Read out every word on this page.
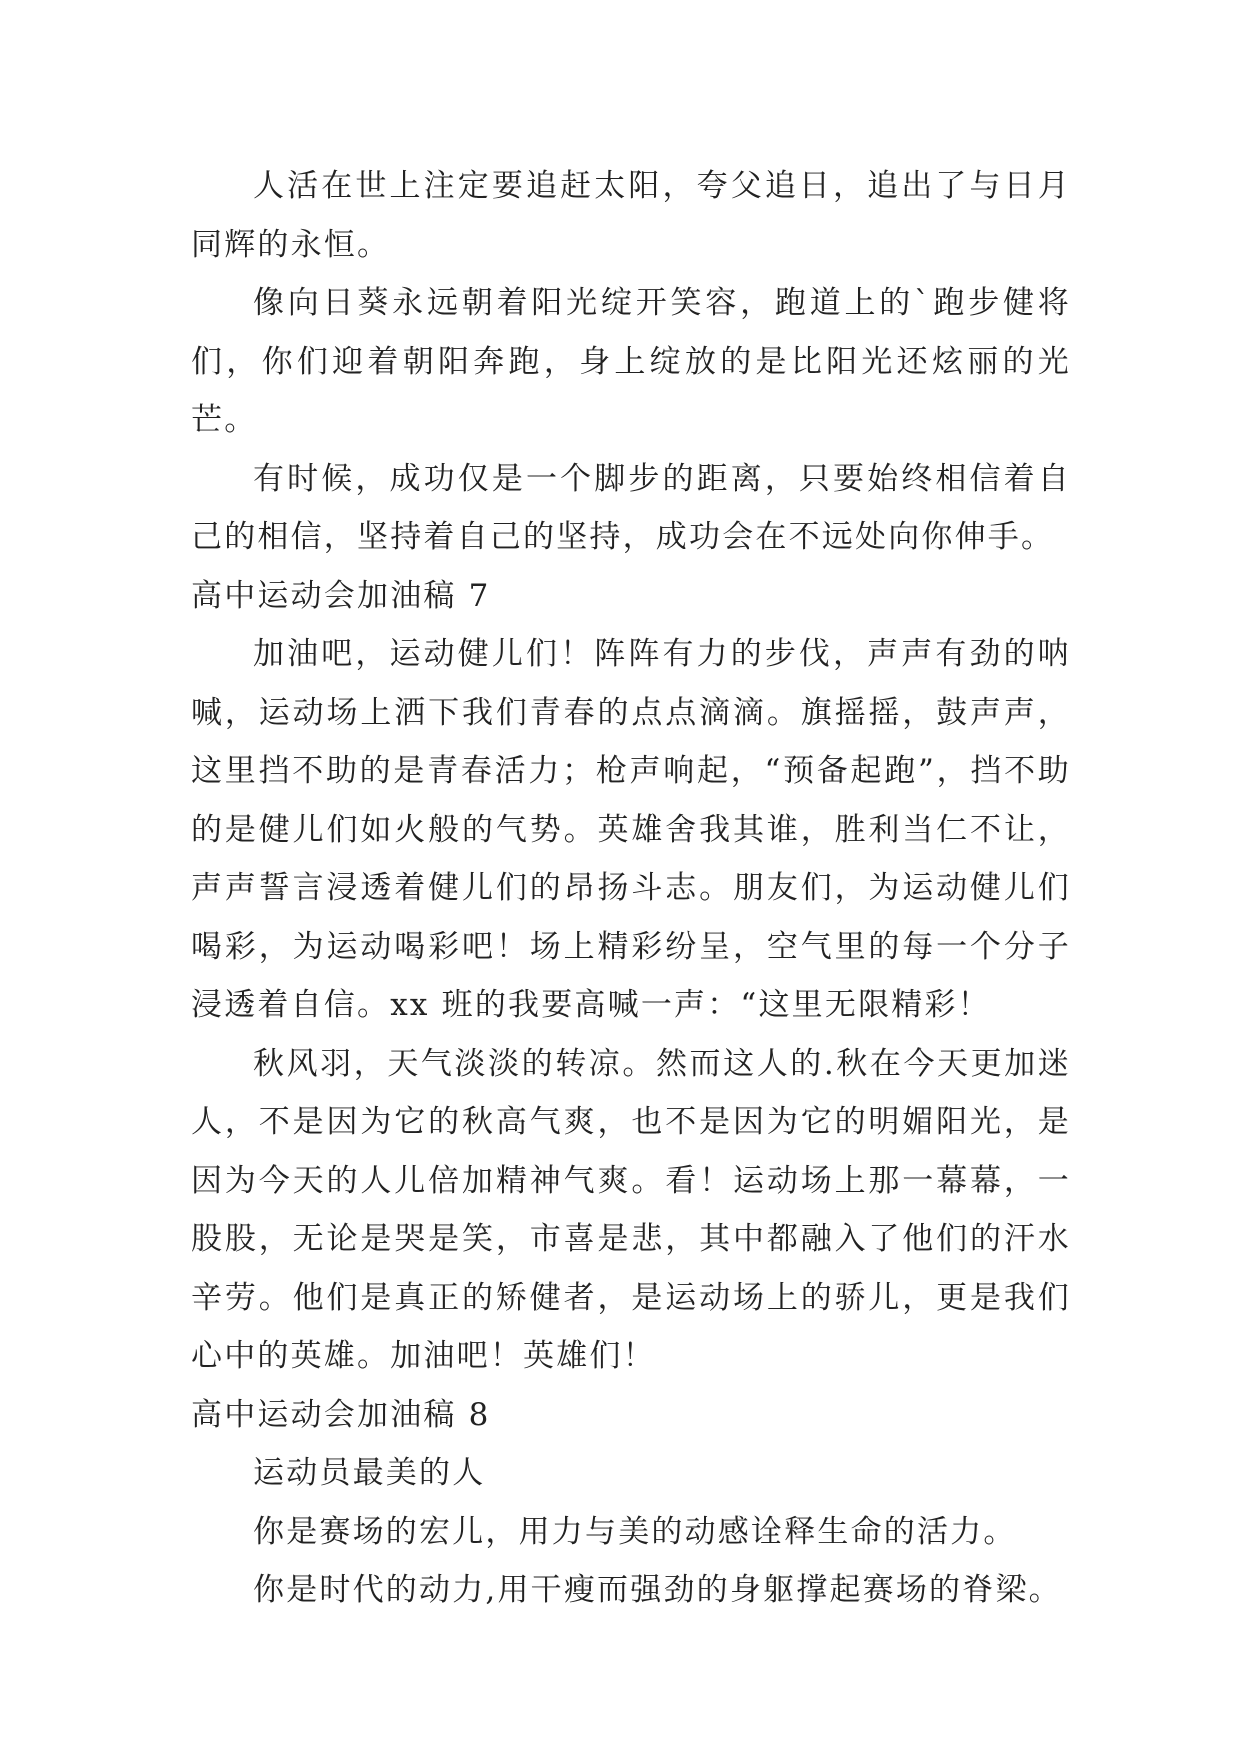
人活在世上注定要追赶太阳，夸父追日，追出了与日月同辉的永恒。

像向日葵永远朝着阳光绽开笑容，跑道上的`跑步健将们，你们迎着朝阳奔跑，身上绽放的是比阳光还炫丽的光芒。

有时候，成功仅是一个脚步的距离，只要始终相信着自己的相信，坚持着自己的坚持，成功会在不远处向你伸手。

高中运动会加油稿 7

加油吧，运动健儿们！阵阵有力的步伐，声声有劲的呐喊，运动场上洒下我们青春的点点滴滴。旗摇摇，鼓声声，这里挡不助的是青春活力；枪声响起，“预备起跑”，挡不助的是健儿们如火般的气势。英雄舍我其谁，胜利当仁不让，声声誓言浸透着健儿们的昂扬斗志。朋友们，为运动健儿们喝彩，为运动喝彩吧！场上精彩纷呈，空气里的每一个分子浸透着自信。xx 班的我要高喊一声：“这里无限精彩！

秋风羽，天气淡淡的转凉。然而这人的.秋在今天更加迷人，不是因为它的秋高气爽，也不是因为它的明媚阳光，是因为今天的人儿倍加精神气爽。看！运动场上那一幕幕，一股股，无论是哭是笑，市喜是悲，其中都融入了他们的汗水辛劳。他们是真正的矫健者，是运动场上的骄儿，更是我们心中的英雄。加油吧！英雄们！

高中运动会加油稿 8

运动员最美的人

你是赛场的宏儿，用力与美的动感诠释生命的活力。

你是时代的动力,用干瘦而强劲的身躯撑起赛场的脊梁。
